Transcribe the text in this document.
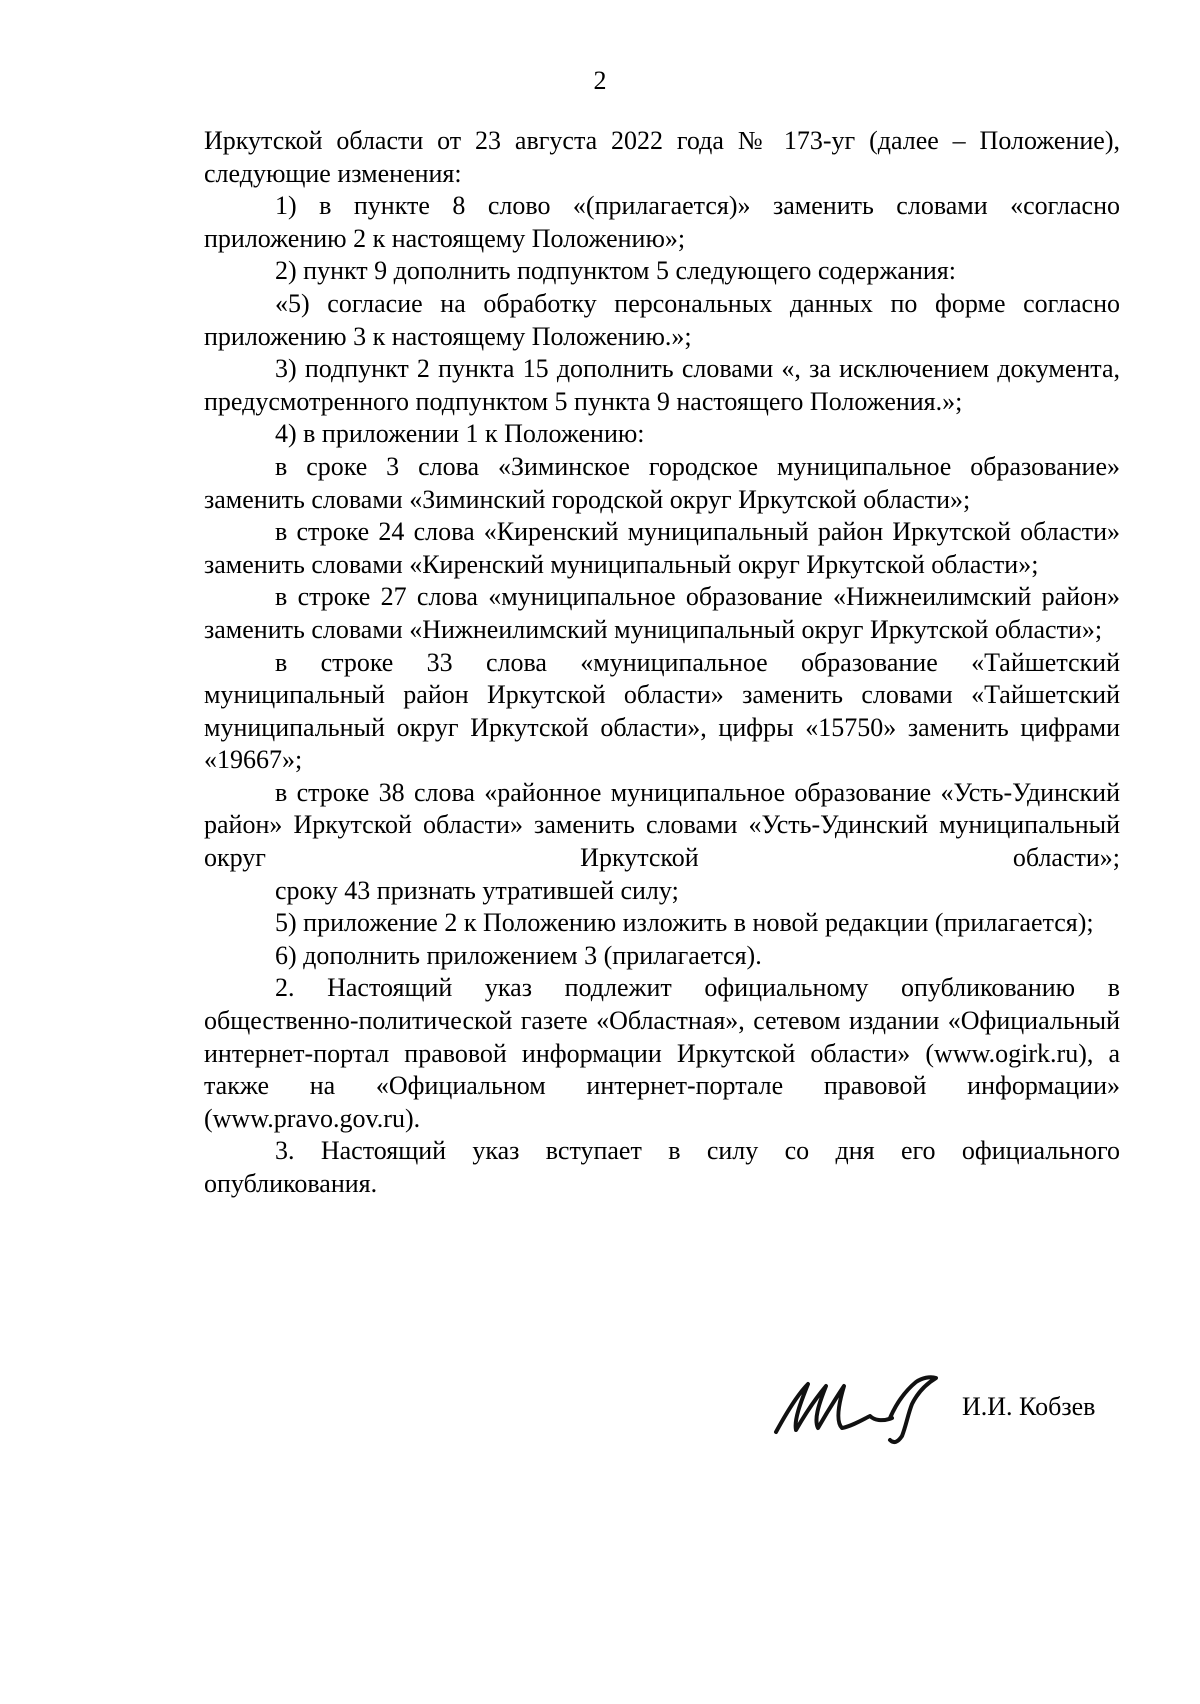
2

Иркутской области от 23 августа 2022 года № 173-уг (далее – Положение), следующие изменения:

1) в пункте 8 слово «(прилагается)» заменить словами «согласно приложению 2 к настоящему Положению»;

2) пункт 9 дополнить подпунктом 5 следующего содержания:

«5) согласие на обработку персональных данных по форме согласно приложению 3 к настоящему Положению.»;

3) подпункт 2 пункта 15 дополнить словами «, за исключением документа, предусмотренного подпунктом 5 пункта 9 настоящего Положения.»;

4) в приложении 1 к Положению:

в сроке 3 слова «Зиминское городское муниципальное образование» заменить словами «Зиминский городской округ Иркутской области»;

в строке 24 слова «Киренский муниципальный район Иркутской области» заменить словами «Киренский муниципальный округ Иркутской области»;

в строке 27 слова «муниципальное образование «Нижнеилимский район» заменить словами «Нижнеилимский муниципальный округ Иркутской области»;

в строке 33 слова «муниципальное образование «Тайшетский муниципальный район Иркутской области» заменить словами «Тайшетский муниципальный округ Иркутской области», цифры «15750» заменить цифрами «19667»;

в строке 38 слова «районное муниципальное образование «Усть-Удинский район» Иркутской области» заменить словами «Усть-Удинский муниципальный округ Иркутской области»;

сроку 43 признать утратившей силу;

5) приложение 2 к Положению изложить в новой редакции (прилагается);

6) дополнить приложением 3 (прилагается).

2. Настоящий указ подлежит официальному опубликованию в общественно-политической газете «Областная», сетевом издании «Официальный интернет-портал правовой информации Иркутской области» (www.ogirk.ru), а также на «Официальном интернет-портале правовой информации» (www.pravo.gov.ru).

3. Настоящий указ вступает в силу со дня его официального опубликования.

И.И. Кобзев
